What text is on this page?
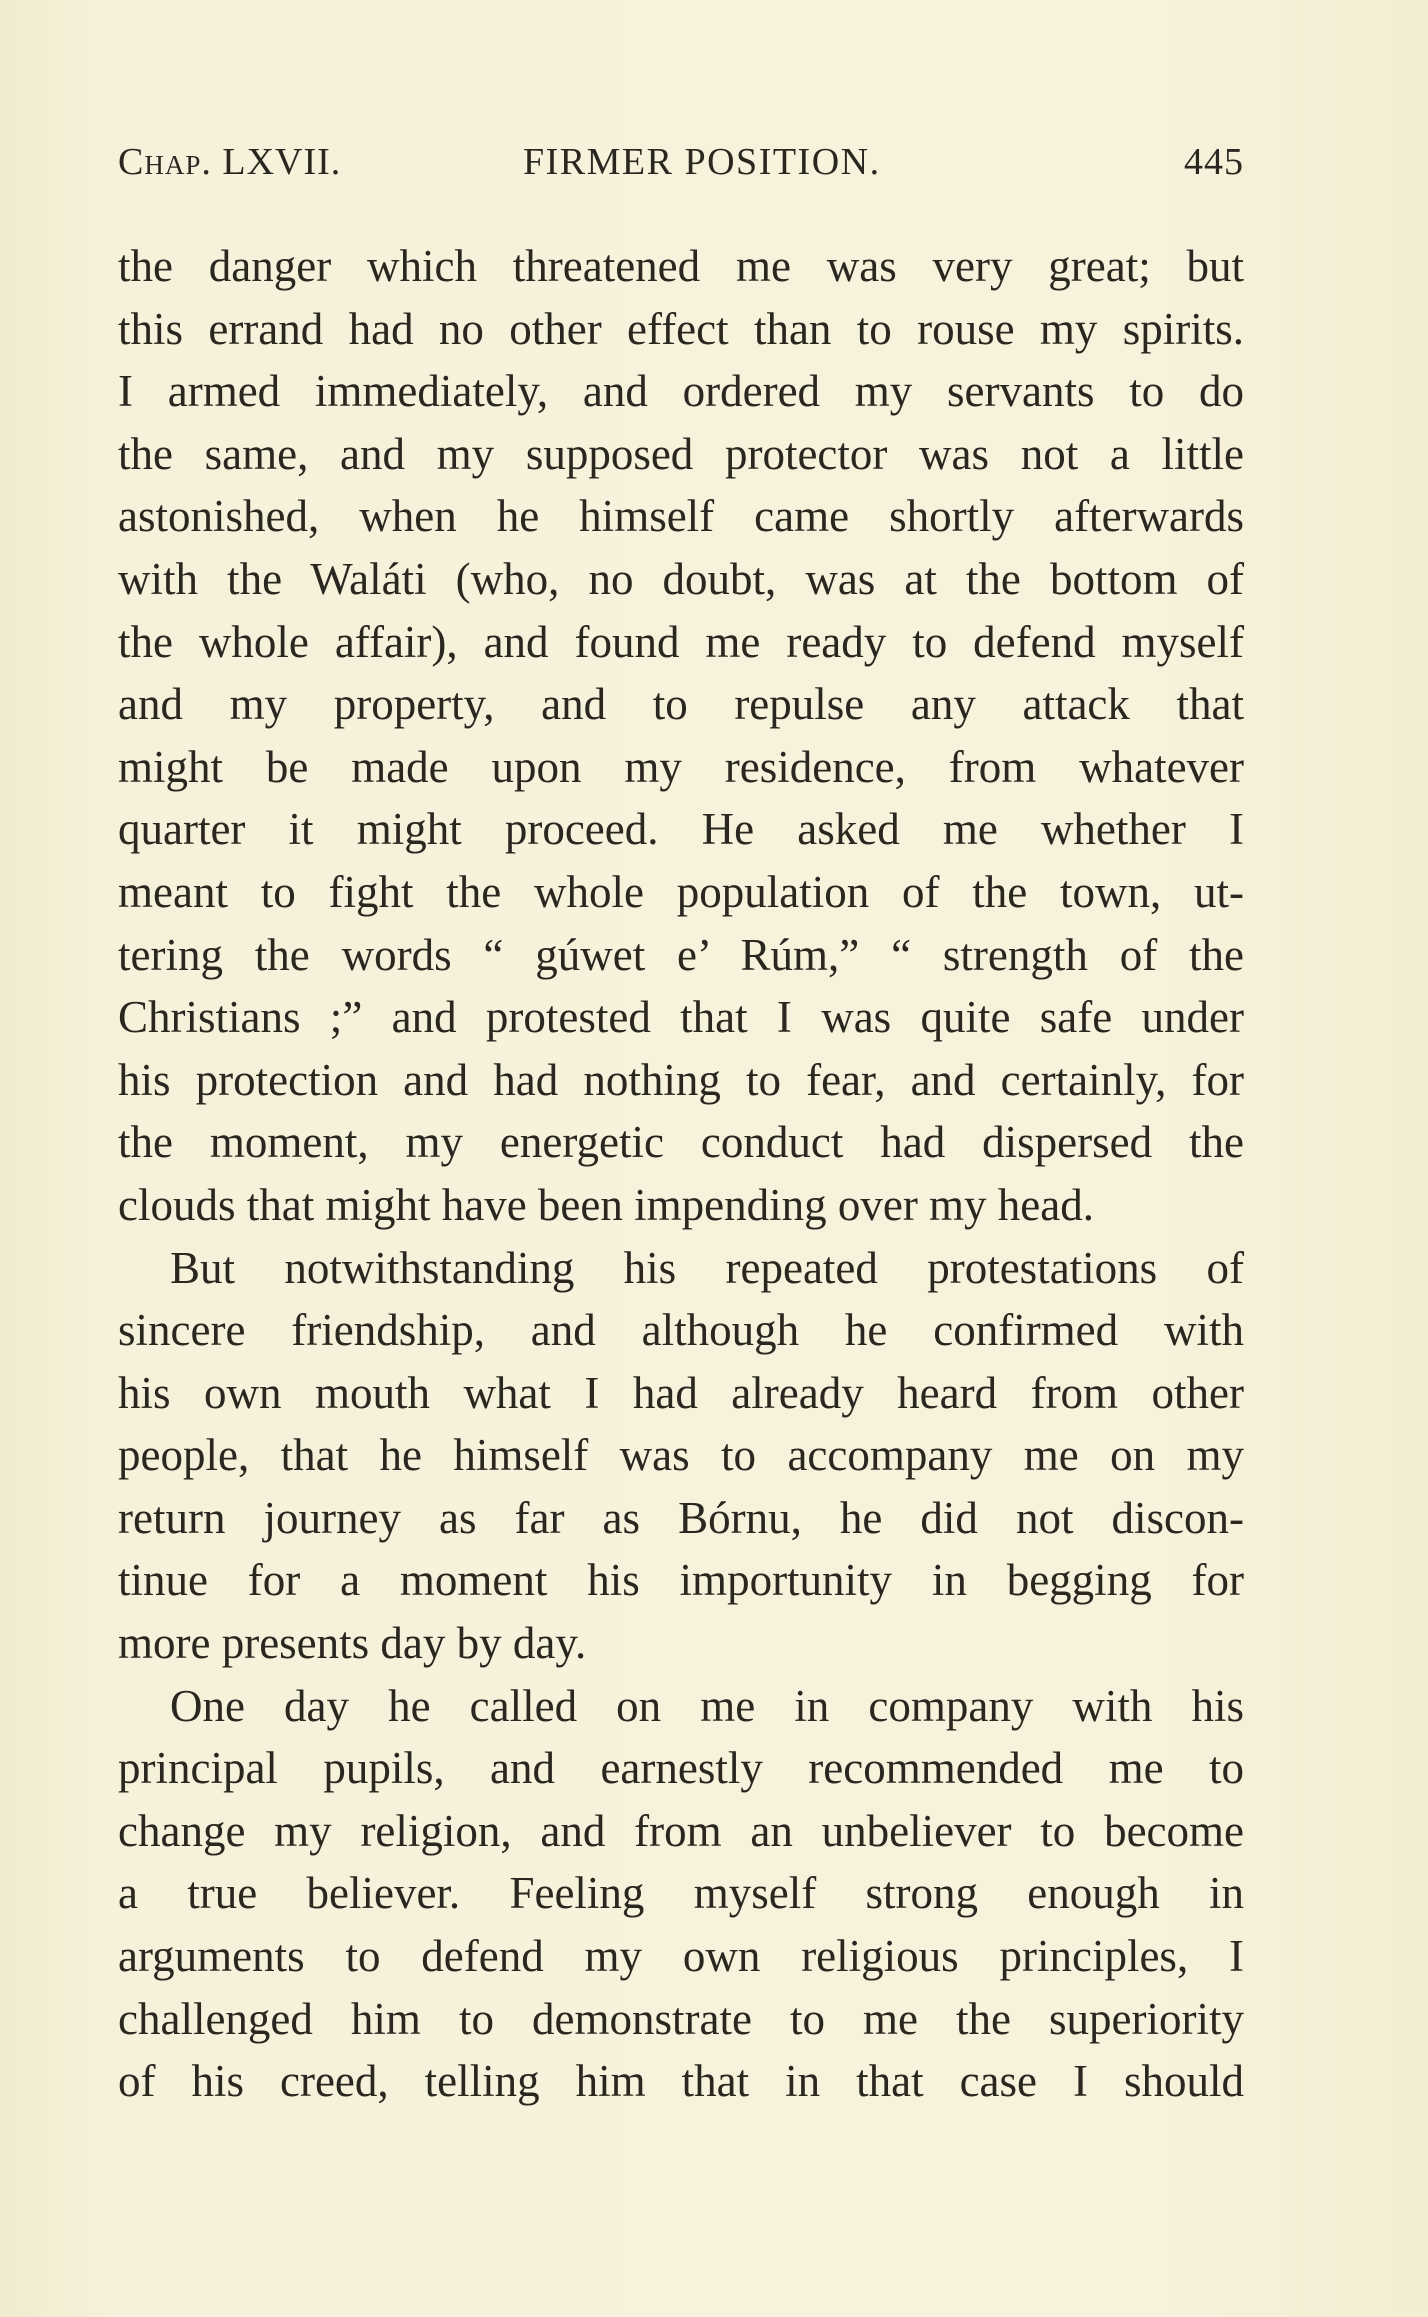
Chap. LXVII.	FIRMER POSITION.	445
the danger which threatened me was very great; but
this errand had no other effect than to rouse my spirits.
I armed immediately, and ordered my servants to do
the same, and my supposed protector was not a little
astonished, when he himself came shortly afterwards
with the Waláti (who, no doubt, was at the bottom of
the whole affair), and found me ready to defend myself
and my property, and to repulse any attack that
might be made upon my residence, from whatever
quarter it might proceed. He asked me whether I
meant to fight the whole population of the town, ut-
tering the words “ gúwet e’ Rúm,” “ strength of the
Christians ;” and protested that I was quite safe under
his protection and had nothing to fear, and certainly, for
the moment, my energetic conduct had dispersed the
clouds that might have been impending over my head.
But notwithstanding his repeated protestations of
sincere friendship, and although he confirmed with
his own mouth what I had already heard from other
people, that he himself was to accompany me on my
return journey as far as Bórnu, he did not discon-
tinue for a moment his importunity in begging for
more presents day by day.
One day he called on me in company with his
principal pupils, and earnestly recommended me to
change my religion, and from an unbeliever to become
a true believer. Feeling myself strong enough in
arguments to defend my own religious principles, I
challenged him to demonstrate to me the superiority
of his creed, telling him that in that case I should
